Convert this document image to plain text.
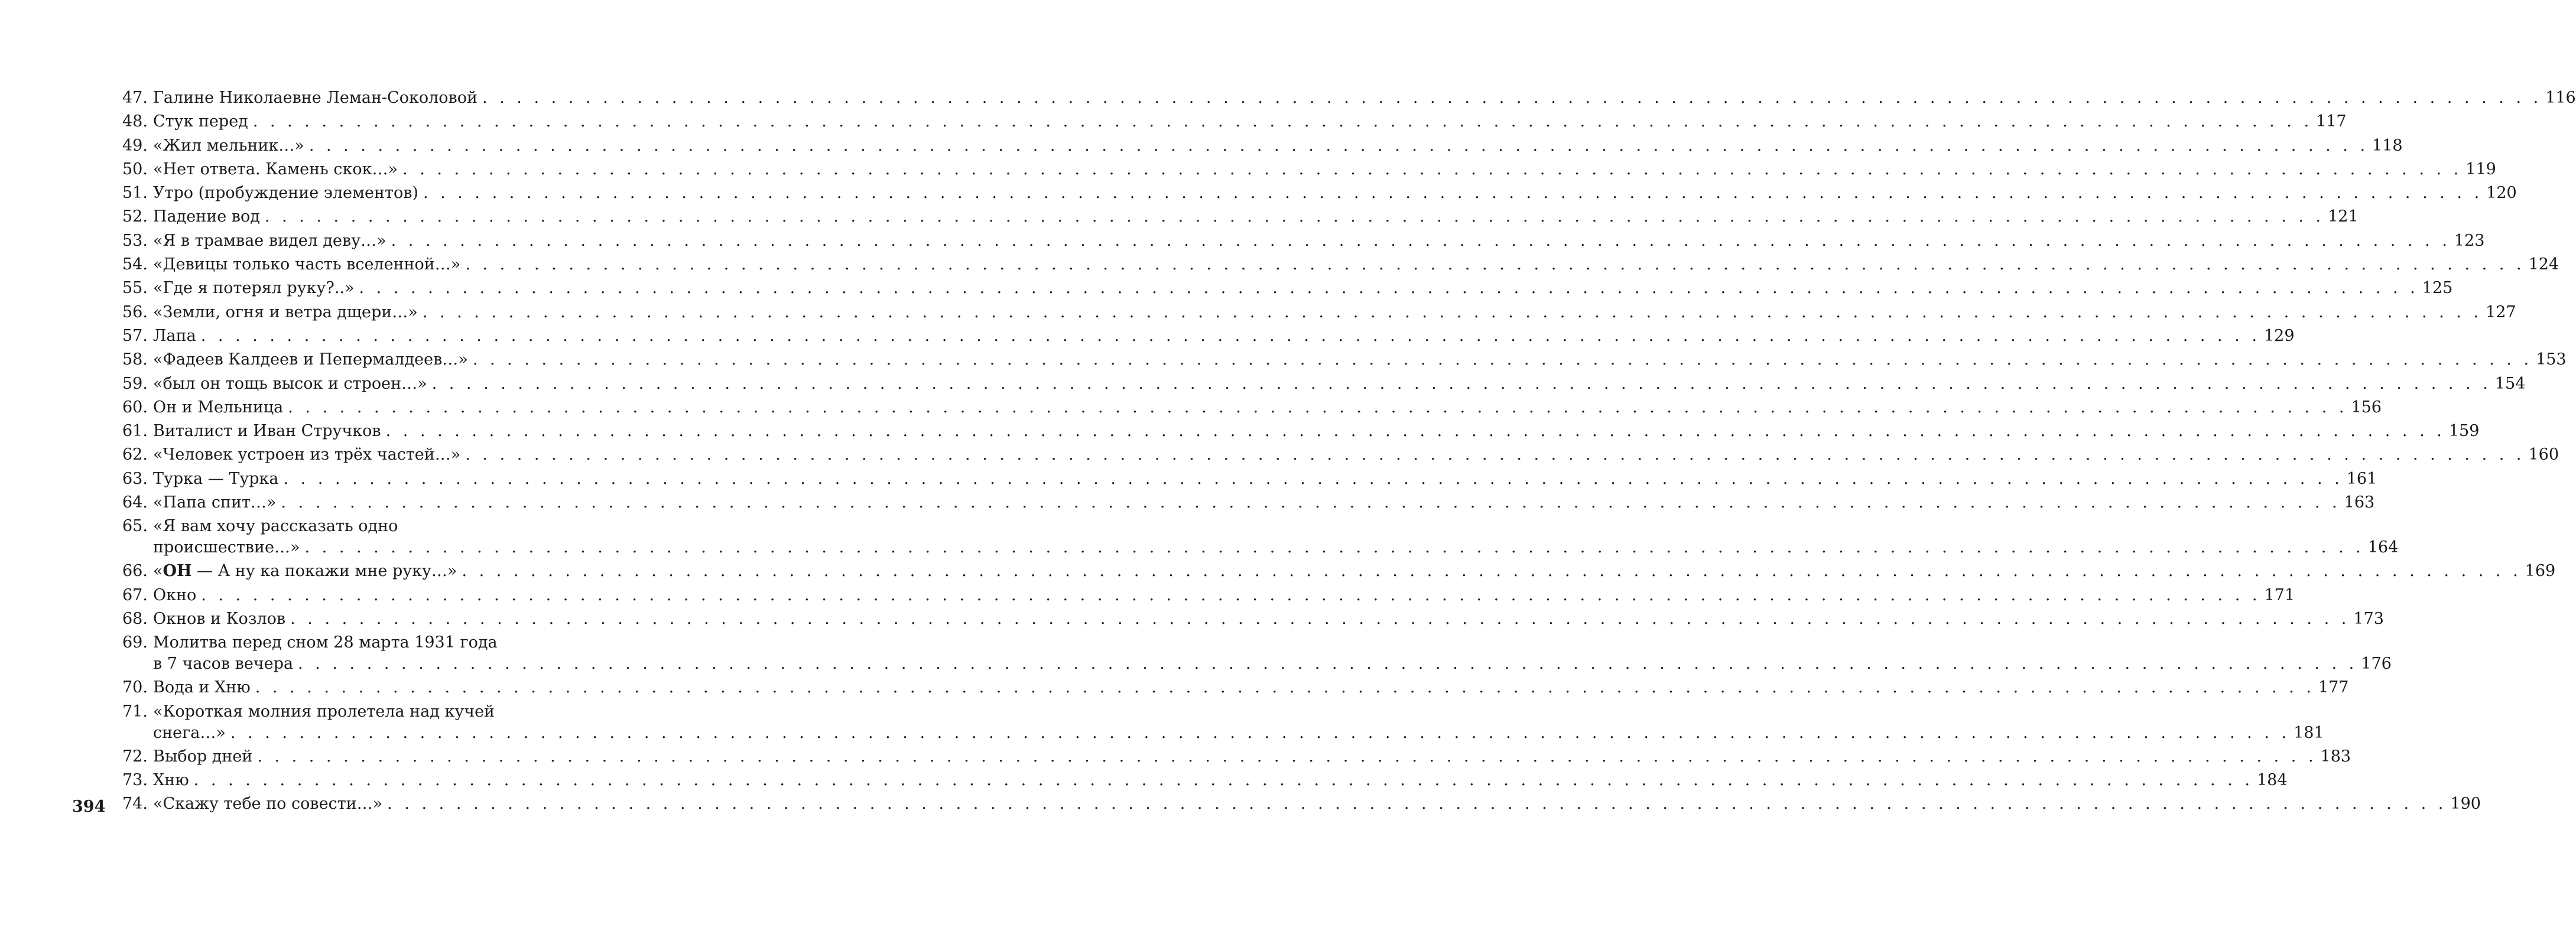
47. Галине Николаевне Леман-Соколовой . . . . . . . . . . . . . . . . . . . . . . . . . . . . . . . . . . . . . . . . . . . . . . . . . . . . . . . . . . . . . . . . . . . . . . . . . . . . . . . . . . . . . . . . . . . . . . . . . . . . . . . . . . . . . . . . . . . . . . . . 116
48. Стук перед . . . . . . . . . . . . . . . . . . . . . . . . . . . . . . . . . . . . . . . . . . . . . . . . . . . . . . . . . . . . . . . . . . . . . . . . . . . . . . . . . . . . . . . . . . . . . . . . . . . . . . . . . . . . . . . . . . . . . . . . 117
49. «Жил мельник…» . . . . . . . . . . . . . . . . . . . . . . . . . . . . . . . . . . . . . . . . . . . . . . . . . . . . . . . . . . . . . . . . . . . . . . . . . . . . . . . . . . . . . . . . . . . . . . . . . . . . . . . . . . . . . . . . . . . . . . . . 118
50. «Нет ответа. Камень скок…» . . . . . . . . . . . . . . . . . . . . . . . . . . . . . . . . . . . . . . . . . . . . . . . . . . . . . . . . . . . . . . . . . . . . . . . . . . . . . . . . . . . . . . . . . . . . . . . . . . . . . . . . . . . . . . . . . . . . . . . . 119
51. Утро (пробуждение элементов) . . . . . . . . . . . . . . . . . . . . . . . . . . . . . . . . . . . . . . . . . . . . . . . . . . . . . . . . . . . . . . . . . . . . . . . . . . . . . . . . . . . . . . . . . . . . . . . . . . . . . . . . . . . . . . . . . . . . . . . . 120
52. Падение вод . . . . . . . . . . . . . . . . . . . . . . . . . . . . . . . . . . . . . . . . . . . . . . . . . . . . . . . . . . . . . . . . . . . . . . . . . . . . . . . . . . . . . . . . . . . . . . . . . . . . . . . . . . . . . . . . . . . . . . . . 121
53. «Я в трамвае видел деву…» . . . . . . . . . . . . . . . . . . . . . . . . . . . . . . . . . . . . . . . . . . . . . . . . . . . . . . . . . . . . . . . . . . . . . . . . . . . . . . . . . . . . . . . . . . . . . . . . . . . . . . . . . . . . . . . . . . . . . . . . 123
54. «Девицы только часть вселенной…» . . . . . . . . . . . . . . . . . . . . . . . . . . . . . . . . . . . . . . . . . . . . . . . . . . . . . . . . . . . . . . . . . . . . . . . . . . . . . . . . . . . . . . . . . . . . . . . . . . . . . . . . . . . . . . . . . . . . . . . . 124
55. «Где я потерял руку?..» . . . . . . . . . . . . . . . . . . . . . . . . . . . . . . . . . . . . . . . . . . . . . . . . . . . . . . . . . . . . . . . . . . . . . . . . . . . . . . . . . . . . . . . . . . . . . . . . . . . . . . . . . . . . . . . . . . . . . . . . 125
56. «Земли, огня и ветра дщери…» . . . . . . . . . . . . . . . . . . . . . . . . . . . . . . . . . . . . . . . . . . . . . . . . . . . . . . . . . . . . . . . . . . . . . . . . . . . . . . . . . . . . . . . . . . . . . . . . . . . . . . . . . . . . . . . . . . . . . . . . 127
57. Лапа . . . . . . . . . . . . . . . . . . . . . . . . . . . . . . . . . . . . . . . . . . . . . . . . . . . . . . . . . . . . . . . . . . . . . . . . . . . . . . . . . . . . . . . . . . . . . . . . . . . . . . . . . . . . . . . . . . . . . . . . 129
58. «Фадеев Калдеев и Пепермалдеев…» . . . . . . . . . . . . . . . . . . . . . . . . . . . . . . . . . . . . . . . . . . . . . . . . . . . . . . . . . . . . . . . . . . . . . . . . . . . . . . . . . . . . . . . . . . . . . . . . . . . . . . . . . . . . . . . . . . . . . . . . 153
59. «был он тощь высок и строен…» . . . . . . . . . . . . . . . . . . . . . . . . . . . . . . . . . . . . . . . . . . . . . . . . . . . . . . . . . . . . . . . . . . . . . . . . . . . . . . . . . . . . . . . . . . . . . . . . . . . . . . . . . . . . . . . . . . . . . . . . 154
60. Он и Мельница . . . . . . . . . . . . . . . . . . . . . . . . . . . . . . . . . . . . . . . . . . . . . . . . . . . . . . . . . . . . . . . . . . . . . . . . . . . . . . . . . . . . . . . . . . . . . . . . . . . . . . . . . . . . . . . . . . . . . . . . 156
61. Виталист и Иван Стручков . . . . . . . . . . . . . . . . . . . . . . . . . . . . . . . . . . . . . . . . . . . . . . . . . . . . . . . . . . . . . . . . . . . . . . . . . . . . . . . . . . . . . . . . . . . . . . . . . . . . . . . . . . . . . . . . . . . . . . . . 159
62. «Человек устроен из трёх частей…» . . . . . . . . . . . . . . . . . . . . . . . . . . . . . . . . . . . . . . . . . . . . . . . . . . . . . . . . . . . . . . . . . . . . . . . . . . . . . . . . . . . . . . . . . . . . . . . . . . . . . . . . . . . . . . . . . . . . . . . . 160
63. Турка — Турка . . . . . . . . . . . . . . . . . . . . . . . . . . . . . . . . . . . . . . . . . . . . . . . . . . . . . . . . . . . . . . . . . . . . . . . . . . . . . . . . . . . . . . . . . . . . . . . . . . . . . . . . . . . . . . . . . . . . . . . . 161
64. «Папа спит…» . . . . . . . . . . . . . . . . . . . . . . . . . . . . . . . . . . . . . . . . . . . . . . . . . . . . . . . . . . . . . . . . . . . . . . . . . . . . . . . . . . . . . . . . . . . . . . . . . . . . . . . . . . . . . . . . . . . . . . . . 163
65. «Я вам хочу рассказать одно
происшествие…» . . . . . . . . . . . . . . . . . . . . . . . . . . . . . . . . . . . . . . . . . . . . . . . . . . . . . . . . . . . . . . . . . . . . . . . . . . . . . . . . . . . . . . . . . . . . . . . . . . . . . . . . . . . . . . . . . . . . . . . . 164
66. «ОН — А ну ка покажи мне руку…» . . . . . . . . . . . . . . . . . . . . . . . . . . . . . . . . . . . . . . . . . . . . . . . . . . . . . . . . . . . . . . . . . . . . . . . . . . . . . . . . . . . . . . . . . . . . . . . . . . . . . . . . . . . . . . . . . . . . . . . . 169
67. Окно . . . . . . . . . . . . . . . . . . . . . . . . . . . . . . . . . . . . . . . . . . . . . . . . . . . . . . . . . . . . . . . . . . . . . . . . . . . . . . . . . . . . . . . . . . . . . . . . . . . . . . . . . . . . . . . . . . . . . . . . 171
68. Окнов и Козлов . . . . . . . . . . . . . . . . . . . . . . . . . . . . . . . . . . . . . . . . . . . . . . . . . . . . . . . . . . . . . . . . . . . . . . . . . . . . . . . . . . . . . . . . . . . . . . . . . . . . . . . . . . . . . . . . . . . . . . . . 173
69. Молитва перед сном 28 марта 1931 года
в 7 часов вечера . . . . . . . . . . . . . . . . . . . . . . . . . . . . . . . . . . . . . . . . . . . . . . . . . . . . . . . . . . . . . . . . . . . . . . . . . . . . . . . . . . . . . . . . . . . . . . . . . . . . . . . . . . . . . . . . . . . . . . . . 176
70. Вода и Хню . . . . . . . . . . . . . . . . . . . . . . . . . . . . . . . . . . . . . . . . . . . . . . . . . . . . . . . . . . . . . . . . . . . . . . . . . . . . . . . . . . . . . . . . . . . . . . . . . . . . . . . . . . . . . . . . . . . . . . . . 177
71. «Короткая молния пролетела над кучей
снега…» . . . . . . . . . . . . . . . . . . . . . . . . . . . . . . . . . . . . . . . . . . . . . . . . . . . . . . . . . . . . . . . . . . . . . . . . . . . . . . . . . . . . . . . . . . . . . . . . . . . . . . . . . . . . . . . . . . . . . . . . 181
72. Выбор дней . . . . . . . . . . . . . . . . . . . . . . . . . . . . . . . . . . . . . . . . . . . . . . . . . . . . . . . . . . . . . . . . . . . . . . . . . . . . . . . . . . . . . . . . . . . . . . . . . . . . . . . . . . . . . . . . . . . . . . . . 183
73. Хню . . . . . . . . . . . . . . . . . . . . . . . . . . . . . . . . . . . . . . . . . . . . . . . . . . . . . . . . . . . . . . . . . . . . . . . . . . . . . . . . . . . . . . . . . . . . . . . . . . . . . . . . . . . . . . . . . . . . . . . . 184
74. «Скажу тебе по совести…» . . . . . . . . . . . . . . . . . . . . . . . . . . . . . . . . . . . . . . . . . . . . . . . . . . . . . . . . . . . . . . . . . . . . . . . . . . . . . . . . . . . . . . . . . . . . . . . . . . . . . . . . . . . . . . . . . . . . . . . . 190
394
